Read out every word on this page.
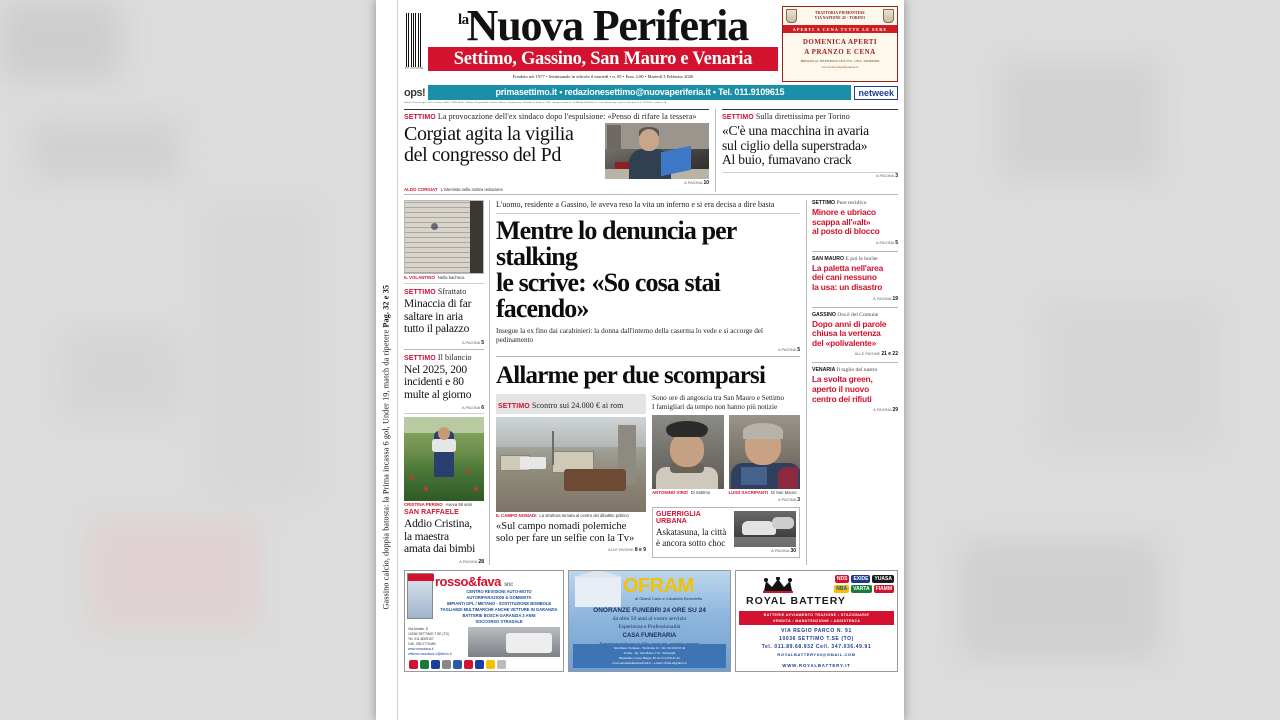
Gassino calcio, doppia batosta: la Prima incassa 6 gol, Under 19, match da ripetere Pag. 32 e 35
9 771234 567896
$^{la}$Nuova Periferia
Settimo, Gassino, San Mauro e Venaria
Fondato nel 1977 • Settimanale in edicola il martedì • n. 05 • Euro 2,00 • Martedì 3 Febbraio 2026
TRATTORIA PIEMONTESE
VIA NAPIONE 45 - TORINO
APERTI A CENA TUTTE LE SERE
DOMENICA APERTI
A PRANZO E CENA
PRENOTA AL TELEFONO 011.812.5731 - CELL. 349.6629490
www.trattoriapiemontese.it
ops!	primasettimo.it • redazionesettimo@nuovaperiferia.it • Tel. 011.9109615	netweek
Editrice Netweek spa - Via E. Grazia n. 48/B - 13900 Biella - Direttore Responsabile Gabriele Moroni - Registrazione Tribunale di Torino n. 1234 - Stampa Litosud srl - Pubblicità Publi(iN) srl - Poste Italiane spa - Sped. in abb. post. D.L. 353/2003 - Contiene I.P.
SETTIMO La provocazione dell'ex sindaco dopo l'espulsione: «Penso di rifare la tessera»
Corgiat agita la vigilia
del congresso del Pd
A PAGINA 10
ALDO CORGIAT L'intervista nella nostra redazione
SETTIMO Sulla direttissima per Torino
«C'è una macchina in avaria
sul ciglio della superstrada»
Al buio, fumavano crack
A PAGINA 3
IL VOLANTINO Nella bacheca
SETTIMO Sfrattato
Minaccia di far
saltare in aria
tutto il palazzo
A PAGINA 5
SETTIMO Il bilancio
Nel 2025, 200
incidenti e 80
multe al giorno
A PAGINA 6
CRISTINA PERINO Aveva 58 anni
SAN RAFFAELE
Addio Cristina,
la maestra
amata dai bimbi
A PAGINA 28
L'uomo, residente a Gassino, le aveva reso la vita un inferno e si era decisa a dire basta
Mentre lo denuncia per stalking
le scrive: «So cosa stai facendo»
Insegue la ex fino dai carabinieri: la donna dall'interno della caserma lo vede e si accorge del pedinamento
A PAGINA 5
Allarme per due scomparsi
SETTIMO Scontro sui 24.000 € ai rom
IL CAMPO NOMADI La struttura tornata al centro del dibattito politico
«Sul campo nomadi polemiche
solo per fare un selfie con la Tv»
ALLE PAGINE 8 e 9
Sono ore di angoscia tra San Mauro e Settimo
I famigliari da tempo non hanno più notizie
ANTONINO VIRZÌ Di Settimo	LUIGI SACRIPANTI Di San Mauro
A PAGINA 3
GUERRIGLIA URBANA
Askatasuna, la città
è ancora sotto choc
A PAGINA 30
SETTIMO Pure recidivo
Minore e ubriaco
scappa all'«alt»
al posto di blocco
A PAGINA 5
SAN MAURO E poi le buche
La paletta nell'area
dei cani nessuno
la usa: un disastro
A PAGINA 19
GASSINO Ora è del Comune
Dopo anni di parole
chiusa la vertenza
del «polivalente»
ALLE PAGINE 21 e 22
VENARIA Il taglio del nastro
La svolta green,
aperto il nuovo
centro dei rifiuti
A PAGINA 29
rosso&fava snc
CENTRO REVISIONI AUTO-MOTO
AUTORIPARAZIONI & GOMMISTA
IMPIANTI GPL / METANO - SOSTITUZIONE BOMBOLE
TAGLIANDI MULTIMARCHE ANCHE VETTURE IN GARANZIA
BATTERIE BOSCH GARANZIA 3 ANNI
SOCCORSO STRADALE
Via Ariosto, 8
10036 SETTIMO T.SE (TO)
Tel. 011.8009107
Cell. 339.2779489
www.rossofava.it
officina.rossofava.1@libero.it
OFRAM
di Gilardi Carlo e Cavalotto Benedetto
ONORANZE FUNEBRI 24 ORE SU 24
da oltre 50 anni al vostro servizio
Esperienza e Professionalità
CASA FUNERARIA
San Mauro Torinese - Via Roma 12 - Tel. 011.822.07.42
Torino - Str. San Mauro 179 - Sobborghi
Bruandino, Corso Belgio, 83 tel. 011.876.41.22
www.onoranzefunebriofram.it - e-mail: ofram.srl@alice.it
ROYAL BATTERY
NDS	EXIDE	YUASA
NBA	VARTA	FIAMM
BATTERIE AVVIAMENTO TRAZIONE • STAZIONARIE
VENDITA • MANUTENZIONE • ASSISTENZA
VIA REGIO PARCO N. 91
10036 SETTIMO T.SE (TO)
Tel. 011.89.68.932 Cell. 347.036.49.91
ROYALBATTERY69@GMAIL.COM
WWW.ROYALBATTERY.IT
